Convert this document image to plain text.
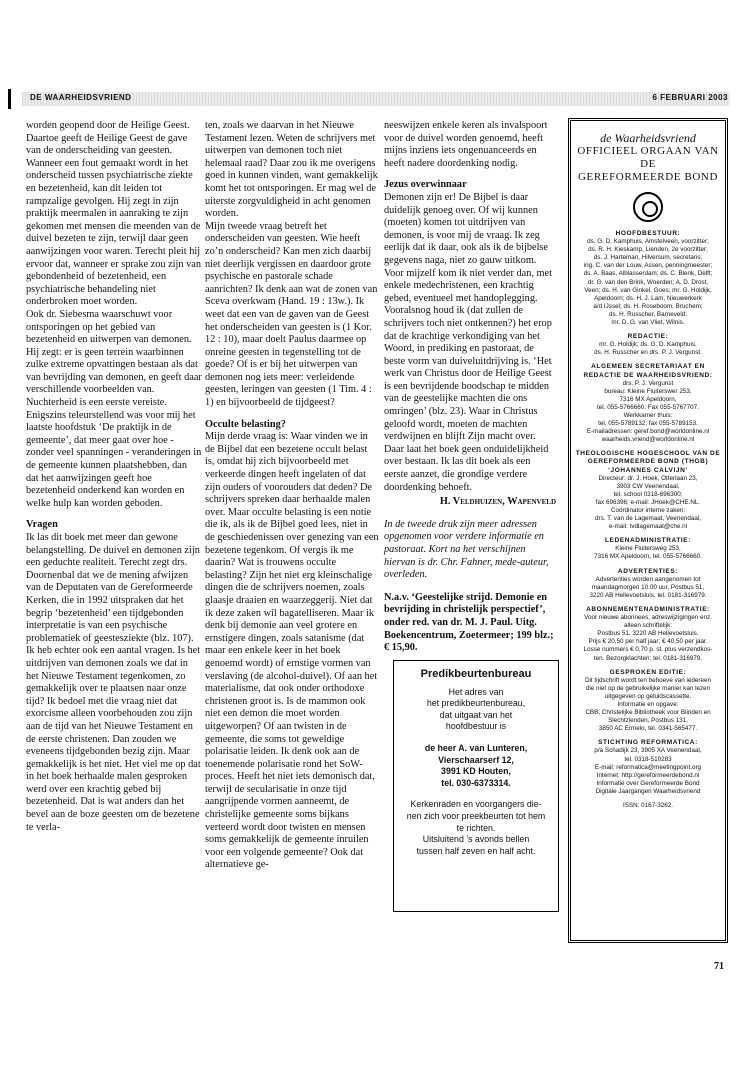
DE WAARHEIDSVRIEND	6 FEBRUARI 2003

worden geopend door de Heilige Geest. Daartoe geeft de Heilige Geest de gave van de onderscheiding van geesten. Wanneer een fout gemaakt wordt in het onderscheid tussen psychiatrische ziekte en bezetenheid, kan dit leiden tot rampzalige gevolgen. Hij zegt in zijn praktijk meermalen in aanraking te zijn gekomen met mensen die meenden van de duivel bezeten te zijn, terwijl daar geen aanwijzingen voor waren. Terecht pleit hij ervoor dat, wanneer er sprake zou zijn van gebondenheid of bezetenheid, een psychiatrische behandeling niet onderbroken moet worden.

Ook dr. Siebesma waarschuwt voor ontsporingen op het gebied van bezetenheid en uitwerpen van demonen. Hij zegt: er is geen terrein waarbinnen zulke extreme opvattingen bestaan als dat van bevrijding van demonen, en geeft daar verschillende voorbeelden van. Nuchterheid is een eerste vereiste.

Enigszins teleurstellend was voor mij het laatste hoofdstuk ‘De praktijk in de gemeente’, dat meer gaat over hoe - zonder veel spanningen - veranderingen in de gemeente kunnen plaatshebben, dan dat het aanwijzingen geeft hoe bezetenheid onderkend kan worden en welke hulp kan worden geboden.

Vragen

Ik las dit boek met meer dan gewone belangstelling. De duivel en demonen zijn een geduchte realiteit. Terecht zegt drs. Doornenbal dat we de mening afwijzen van de Deputaten van de Gereformeerde Kerken, die in 1992 uitspraken dat het begrip ‘bezetenheid’ een tijdgebonden interpretatie is van een psychische problematiek of geestesziekte (blz. 107).

Ik heb echter ook een aantal vragen. Is het uitdrijven van demonen zoals we dat in het Nieuwe Testament tegenkomen, zo gemakkelijk over te plaatsen naar onze tijd? Ik bedoel met die vraag niet dat exorcisme alleen voorbehouden zou zijn aan de tijd van het Nieuwe Testament en de eerste christenen. Dan zouden we eveneens tijdgebonden bezig zijn. Maar gemakkelijk is het niet. Het viel me op dat in het boek herhaalde malen gesproken werd over een krachtig gebed bij bezetenheid. Dat is wat anders dan het bevel aan de boze geesten om de bezetene te verla-

ten, zoals we daarvan in het Nieuwe Testament lezen. Weten de schrijvers met uitwerpen van demonen toch niet helemaal raad? Daar zou ik me overigens goed in kunnen vinden, want gemakkelijk komt het tot ontsporingen. Er mag wel de uiterste zorgvuldigheid in acht genomen worden.

Mijn tweede vraag betreft het onderscheiden van geesten. Wie heeft zo’n onderscheid? Kan men zich daarbij niet deerlijk vergissen en daardoor grote psychische en pastorale schade aanrichten? Ik denk aan wat de zonen van Sceva overkwam (Hand. 19 : 13w.). Ik weet dat een van de gaven van de Geest het onderscheiden van geesten is (1 Kor. 12 : 10), maar doelt Paulus daarmee op onreine geesten in tegenstelling tot de goede? Of is er bij het uitwerpen van demonen nog iets meer: verleidende geesten, leringen van geesten (1 Tim. 4 : 1) en bijvoorbeeld de tijdgeest?

Occulte belasting?

Mijn derde vraag is: Waar vinden we in de Bijbel dat een bezetene occult belast is, omdat hij zich bijvoorbeeld met verkeerde dingen heeft ingelaten of dat zijn ouders of voorouders dat deden? De schrijvers spreken daar herhaalde malen over. Maar occulte belasting is een notie die ik, als ik de Bijbel goed lees, niet in de geschiedenissen over genezing van een bezetene tegenkom. Of vergis ik me daarin? Wat is trouwens occulte belasting? Zijn het niet erg kleinschalige dingen die de schrijvers noemen, zoals glaasje draaien en waarzeggerij. Niet dat ik deze zaken wil bagatelliseren. Maar ik denk bij demonie aan veel grotere en ernstigere dingen, zoals satanisme (dat maar een enkele keer in het boek genoemd wordt) of ernstige vormen van verslaving (de alcohol-duivel). Of aan het materialisme, dat ook onder orthodoxe christenen groot is. Is de mammon ook niet een demon die moet worden uitgeworpen? Of aan twisten in de gemeente, die soms tot geweldige polarisatie leiden. Ik denk ook aan de toenemende polarisatie rond het SoW-proces. Heeft het niet iets demonisch dat, terwijl de secularisatie in onze tijd aangrijpende vormen aanneemt, de christelijke gemeente soms bijkans verteerd wordt door twisten en mensen soms gemakkelijk de gemeente inruilen voor een volgende gemeente? Ook dat alternatieve ge-

neeswijzen enkele keren als invalspoort voor de duivel worden genoemd, heeft mijns inziens iets ongenuanceerds en heeft nadere doordenking nodig.

Jezus overwinnaar

Demonen zijn er! De Bijbel is daar duidelijk genoeg over. Of wij kunnen (moeten) komen tot uitdrijven van demonen, is voor mij de vraag. Ik zeg eerlijk dat ik daar, ook als ik de bijbelse gegevens naga, niet zo gauw uitkom. Voor mijzelf kom ik niet verder dan, met enkele medechristenen, een krachtig gebed, eventueel met handoplegging.

Vooralsnog houd ik (dat zullen de schrijvers toch niet ontkennen?) het erop dat de krachtige verkondiging van het Woord, in prediking en pastoraat, de beste vorm van duiveluitdrijving is. ‘Het werk van Christus door de Heilige Geest is een bevrijdende boodschap te midden van de geestelijke machten die ons omringen’ (blz. 23). Waar in Christus geloofd wordt, moeten de machten verdwijnen en blijft Zijn macht over. Daar laat het boek geen onduidelijkheid over bestaan. Ik las dit boek als een eerste aanzet, die grondige verdere doordenking behoeft.

H. Veldhuizen, Wapenveld

In de tweede druk zijn meer adressen opgenomen voor verdere informatie en pastoraat. Kort na het verschijnen hiervan is dr. Chr. Fahner, mede-auteur, overleden.

N.a.v. ‘Geestelijke strijd. Demonie en bevrijding in christelijk perspectief’, onder red. van dr. M. J. Paul. Uitg. Boekencentrum, Zoetermeer; 199 blz.; € 15,90.

Predikbeurtenbureau
Het adres van
het predikbeurtenbureau,
dat uitgaat van het
hoofdbestuur is
de heer A. van Lunteren,
Vierschaarserf 12,
3991 KD Houten,
tel. 030-6373314.
Kerkenraden en voorgangers die-
nen zich voor preekbeurten tot hem
te richten.
Uitsluitend ’s avonds bellen
tussen half zeven en half acht.
de Waarheidsvriend
OFFICIEEL ORGAAN VAN DE
GEREFORMEERDE BOND
HOOFDBESTUUR:
ds. G. D. Kamphuis, Amstelveen, voorzitter;
ds. R. H. Kieskamp, Lienden, 2e voorzitter;
ds. J. Harteman, Hilversum, secretaris;
ing. C. van der Louw, Assen, penningmeester;
ds. A. Baas, Alblasserdam; ds. C. Blenk, Delft;
dr. G. van den Brink, Woerden; A. D. Drost,
Veen; ds. H. van Ginkel, Goes; mr. G. Holdijk,
Apeldoorn; ds. H. J. Lam, Nieuwerkerk
a/d IJssel; ds. H. Roseboom, Bruchem;
ds. H. Russcher, Barneveld;
mr. D. G. van Vliet, Wilnis.
REDACTIE:
mr. G. Holdijk; ds. G. D. Kamphuis;
ds. H. Russcher en drs. P. J. Vergunst.
ALGEMEEN SECRETARIAAT EN REDACTIE DE WAARHEIDSVRIEND:
drs. P. J. Vergunst
bureau: Kleine Fluiterswег 253,
7316 MX Apeldoorn,
tel. 055-5766660. Fax 055-5767707.
Werkkamer thuis:
tel. 055-5789132; fax 055-5789153.
E-mailadressen: geref.bond@worldonline.nl
waarheids.vriend@worldonline.nl
THEOLOGISCHE HOGESCHOOL VAN DE GEREFORMEERDE BOND (THGB) ‘JOHANNES CALVIJN’
Directeur: dr. J. Hoek, Otterlaan 23,
3903 CW Veenendaal,
tel. school 0318-696300;
fax 696396; e-mail: JHoek@CHE.NL.
Coördinator interne zaken:
drs. T. van de Lagemaat, Veenendaal,
e-mail: tvdlagemaat@che.nl
LEDENADMINISTRATIE:
Kleine Fluiterswеg 253,
7316 MX Apeldoorn, tel. 055-5766660.
ADVERTENTIES:
Advertenties worden aangenomen tot
maandagmorgen 10.00 uur, Postbus 51,
3220 AB Hellevoetsluis, tel. 0181-316979.
ABONNEMENTENADMINISTRATIE:
Voor nieuwe abonnees, adreswijzigingen enz.
alleen schriftelijk:
Postbus 51, 3220 AB Hellevoetsluis.
Prijs € 20,50 per half jaar; € 40,50 per jaar.
Losse nummers € 0,70 p. st. plus verzendkos-
ten. Bezorgklachten: tel. 0181-316979.
GESPROKEN EDITIE:
Dit tijdschrift wordt ten behoeve van iedereen
die niet op de gebruikelijke manier kan lezen
uitgegeven op geluidscassette.
Informatie en opgave:
CBB, Christelijke Bibliotheek voor Blinden en
Slechtzienden, Postbus 131,
3850 AC Ermelo, tel. 0341-565477.
STICHTING REFORMATICA:
p/a Schadijk 23, 3905 XA Veenendaal,
tel. 0318-510283
E-mail: reformatica@meetingpoint.org
Internet: http://gereformeerdebond.nl
Informatie over Gereformeerde Bond
Digitale Jaargangen Waarheidsvriend
ISSN: 0167-3262.
71
